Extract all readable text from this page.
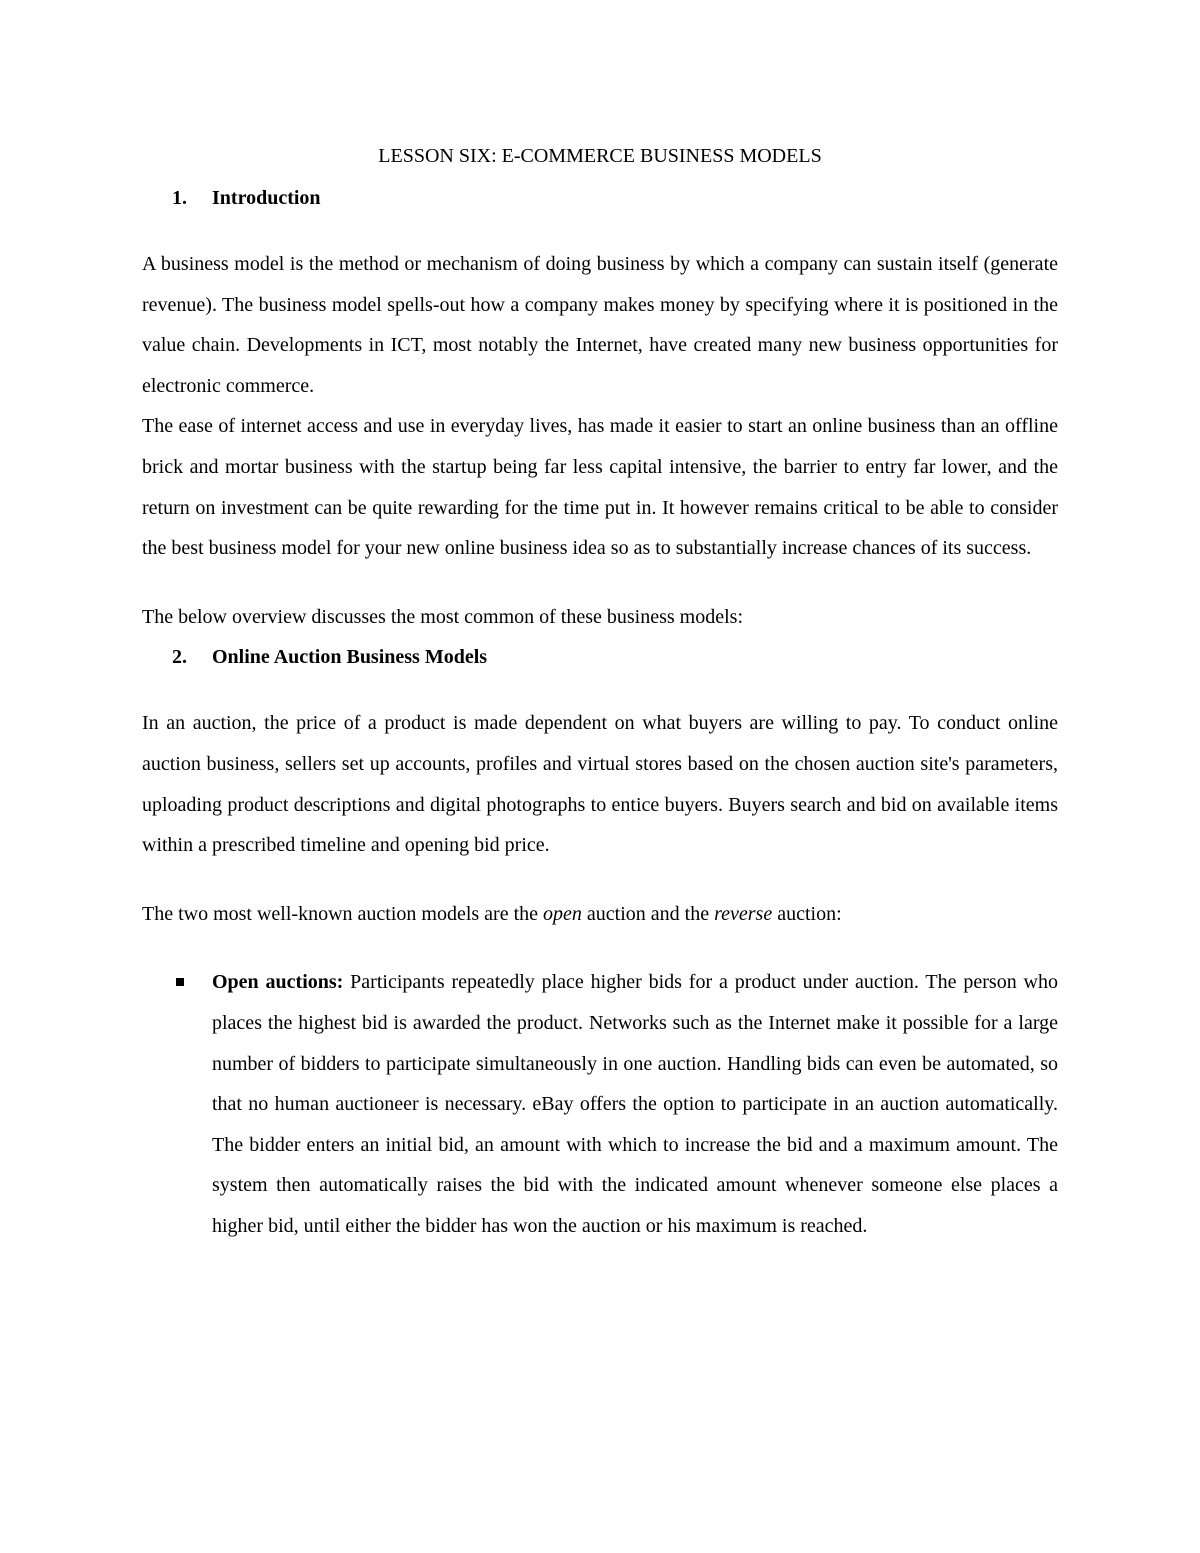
LESSON SIX: E-COMMERCE BUSINESS MODELS
1.	Introduction

A business model is the method or mechanism of doing business by which a company can sustain itself (generate revenue). The business model spells-out how a company makes money by specifying where it is positioned in the value chain. Developments in ICT, most notably the Internet, have created many new business opportunities for electronic commerce.

The ease of internet access and use in everyday lives, has made it easier to start an online business than an offline brick and mortar business with the startup being far less capital intensive, the barrier to entry far lower, and the return on investment can be quite rewarding for the time put in. It however remains critical to be able to consider the best business model for your new online business idea so as to substantially increase chances of its success.

The below overview discusses the most common of these business models:

2.	Online Auction Business Models

In an auction, the price of a product is made dependent on what buyers are willing to pay. To conduct online auction business, sellers set up accounts, profiles and virtual stores based on the chosen auction site's parameters, uploading product descriptions and digital photographs to entice buyers. Buyers search and bid on available items within a prescribed timeline and opening bid price.

The two most well-known auction models are the open auction and the reverse auction:

Open auctions: Participants repeatedly place higher bids for a product under auction. The person who places the highest bid is awarded the product. Networks such as the Internet make it possible for a large number of bidders to participate simultaneously in one auction. Handling bids can even be automated, so that no human auctioneer is necessary. eBay offers the option to participate in an auction automatically. The bidder enters an initial bid, an amount with which to increase the bid and a maximum amount. The system then automatically raises the bid with the indicated amount whenever someone else places a higher bid, until either the bidder has won the auction or his maximum is reached.
